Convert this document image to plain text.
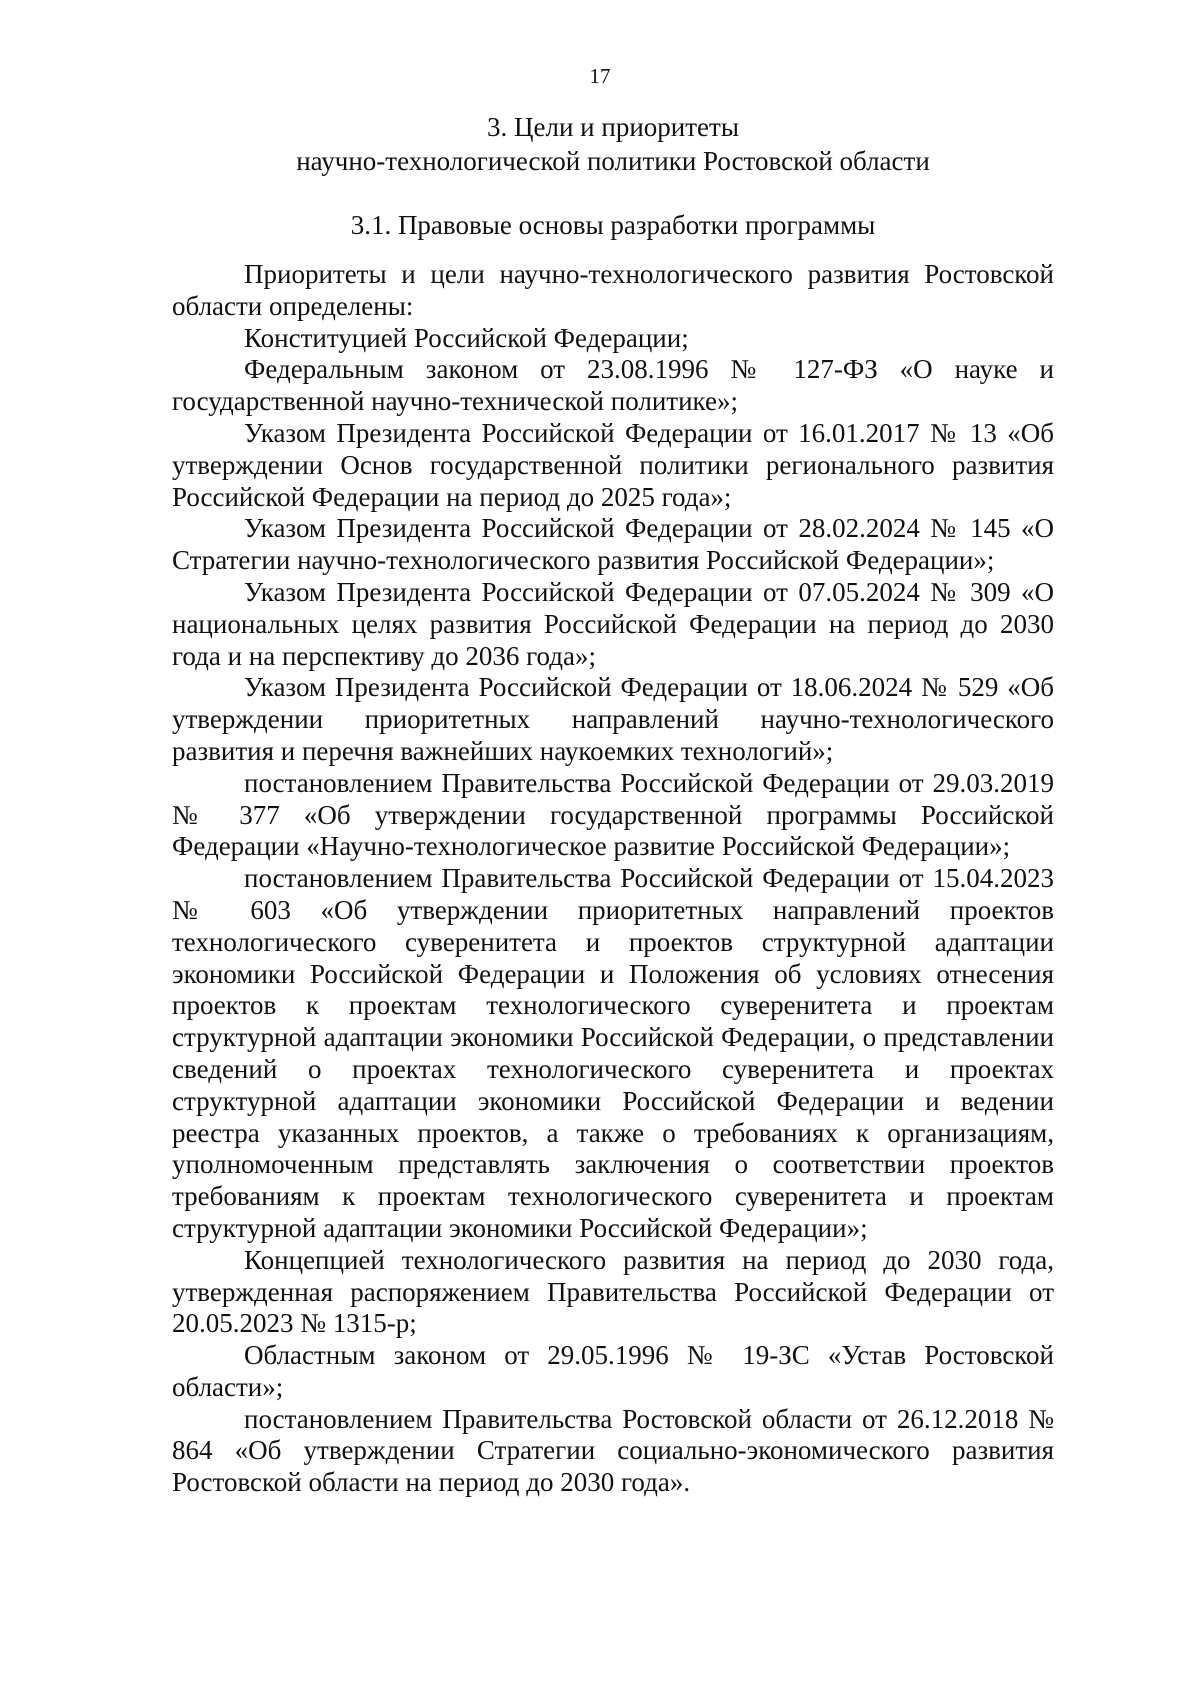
17
3. Цели и приоритеты
научно-технологической политики Ростовской области
3.1. Правовые основы разработки программы

Приоритеты и цели научно-технологического развития Ростовской области определены:

Конституцией Российской Федерации;

Федеральным законом от 23.08.1996 № 127-ФЗ «О науке и государственной научно-технической политике»;

Указом Президента Российской Федерации от 16.01.2017 № 13 «Об утверждении Основ государственной политики регионального развития Российской Федерации на период до 2025 года»;

Указом Президента Российской Федерации от 28.02.2024 № 145 «О Стратегии научно-технологического развития Российской Федерации»;

Указом Президента Российской Федерации от 07.05.2024 № 309 «О национальных целях развития Российской Федерации на период до 2030 года и на перспективу до 2036 года»;

Указом Президента Российской Федерации от 18.06.2024 № 529 «Об утверждении приоритетных направлений научно-технологического развития и перечня важнейших наукоемких технологий»;

постановлением Правительства Российской Федерации от 29.03.2019 № 377 «Об утверждении государственной программы Российской Федерации «Научно-технологическое развитие Российской Федерации»;

постановлением Правительства Российской Федерации от 15.04.2023 № 603 «Об утверждении приоритетных направлений проектов технологического суверенитета и проектов структурной адаптации экономики Российской Федерации и Положения об условиях отнесения проектов к проектам технологического суверенитета и проектам структурной адаптации экономики Российской Федерации, о представлении сведений о проектах технологического суверенитета и проектах структурной адаптации экономики Российской Федерации и ведении реестра указанных проектов, а также о требованиях к организациям, уполномоченным представлять заключения о соответствии проектов требованиям к проектам технологического суверенитета и проектам структурной адаптации экономики Российской Федерации»;

Концепцией технологического развития на период до 2030 года, утвержденная распоряжением Правительства Российской Федерации от 20.05.2023 № 1315-р;

Областным законом от 29.05.1996 № 19-ЗС «Устав Ростовской области»;

постановлением Правительства Ростовской области от 26.12.2018 № 864 «Об утверждении Стратегии социально-экономического развития Ростовской области на период до 2030 года».
